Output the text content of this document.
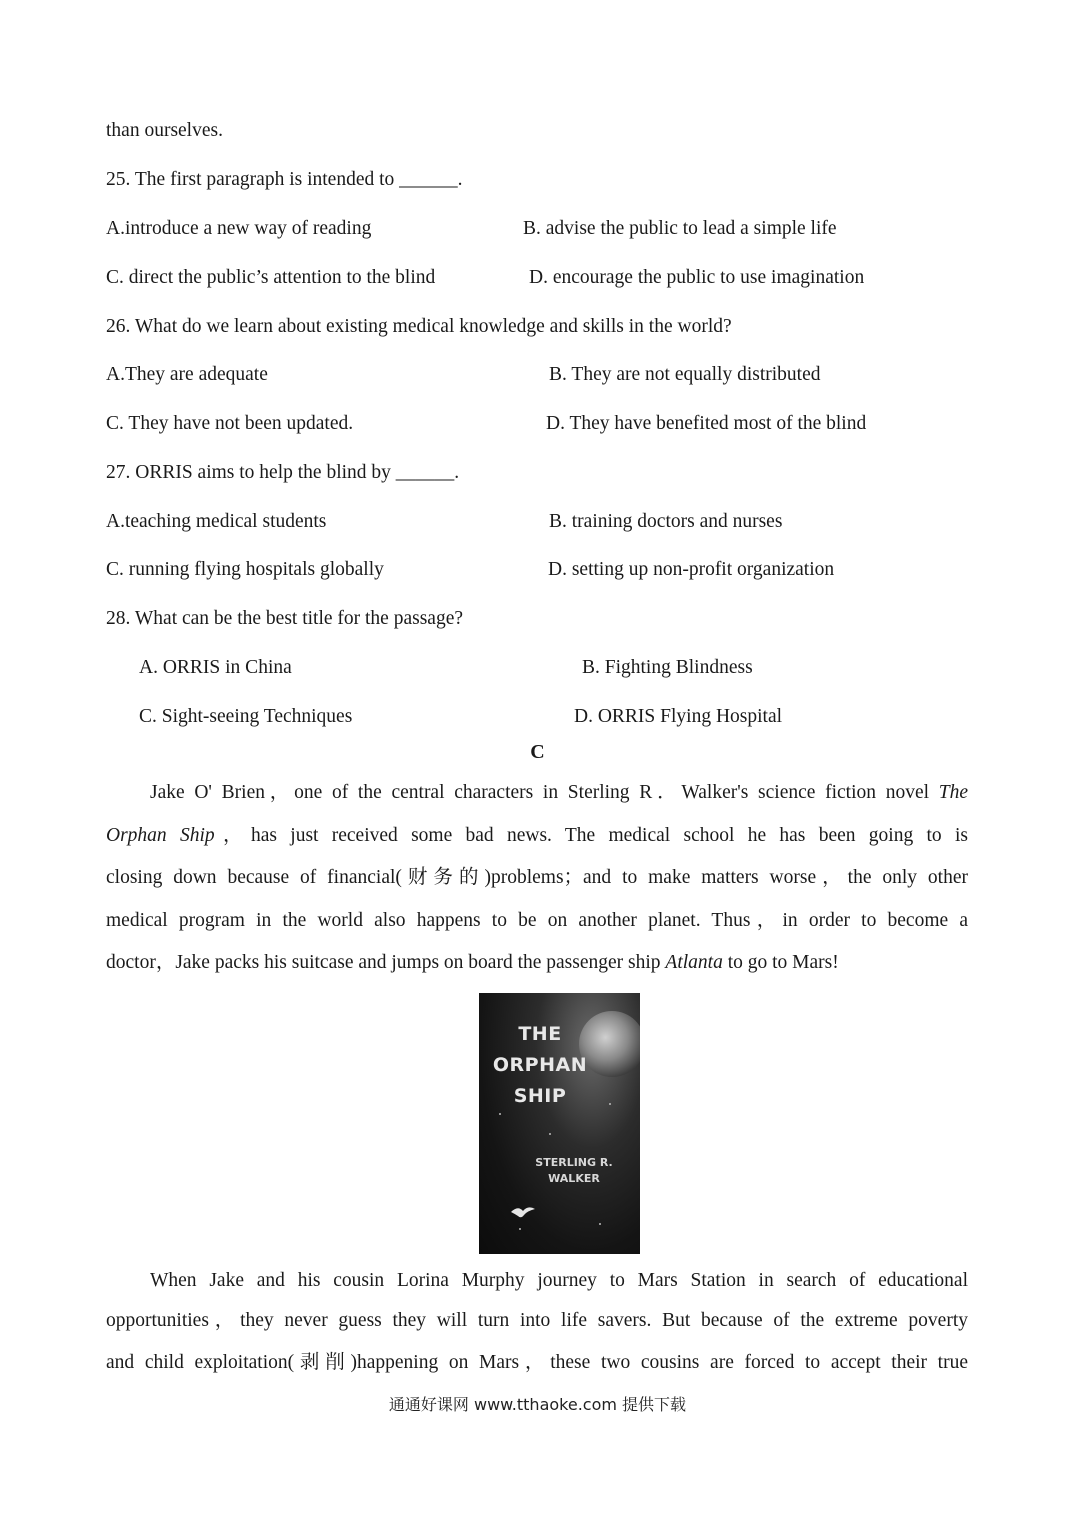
than ourselves.
25. The first paragraph is intended to ______.
A.introduce a new way of reading	B. advise the public to lead a simple life
C. direct the public’s attention to the blind	D. encourage the public to use imagination
26. What do we learn about existing medical knowledge and skills in the world?
A.They are adequate	B. They are not equally distributed
C. They have not been updated.	D. They have benefited most of the blind
27. ORRIS aims to help the blind by ______.
A.teaching medical students	B. training doctors and nurses
C. running flying hospitals globally	D. setting up non-profit organization
28. What can be the best title for the passage?
A. ORRIS in China	B. Fighting Blindness
C. Sight-seeing Techniques	D. ORRIS Flying Hospital
C
Jake O' Brien，one of the central characters in Sterling R．Walker's science fiction novel The
Orphan Ship，has just received some bad news. The medical school he has been going to is
closing down because of financial(财务的)problems；and to make matters worse，the only other
medical program in the world also happens to be on another planet. Thus，in order to become a
doctor，Jake packs his suitcase and jumps on board the passenger ship Atlanta to go to Mars!
THE
ORPHAN
SHIP
STERLING R.
WALKER
When Jake and his cousin Lorina Murphy journey to Mars Station in search of educational
opportunities，they never guess they will turn into life savers. But because of the extreme poverty
and child exploitation(剥削)happening on Mars，these two cousins are forced to accept their true
通通好课网 www.tthaoke.com 提供下载
